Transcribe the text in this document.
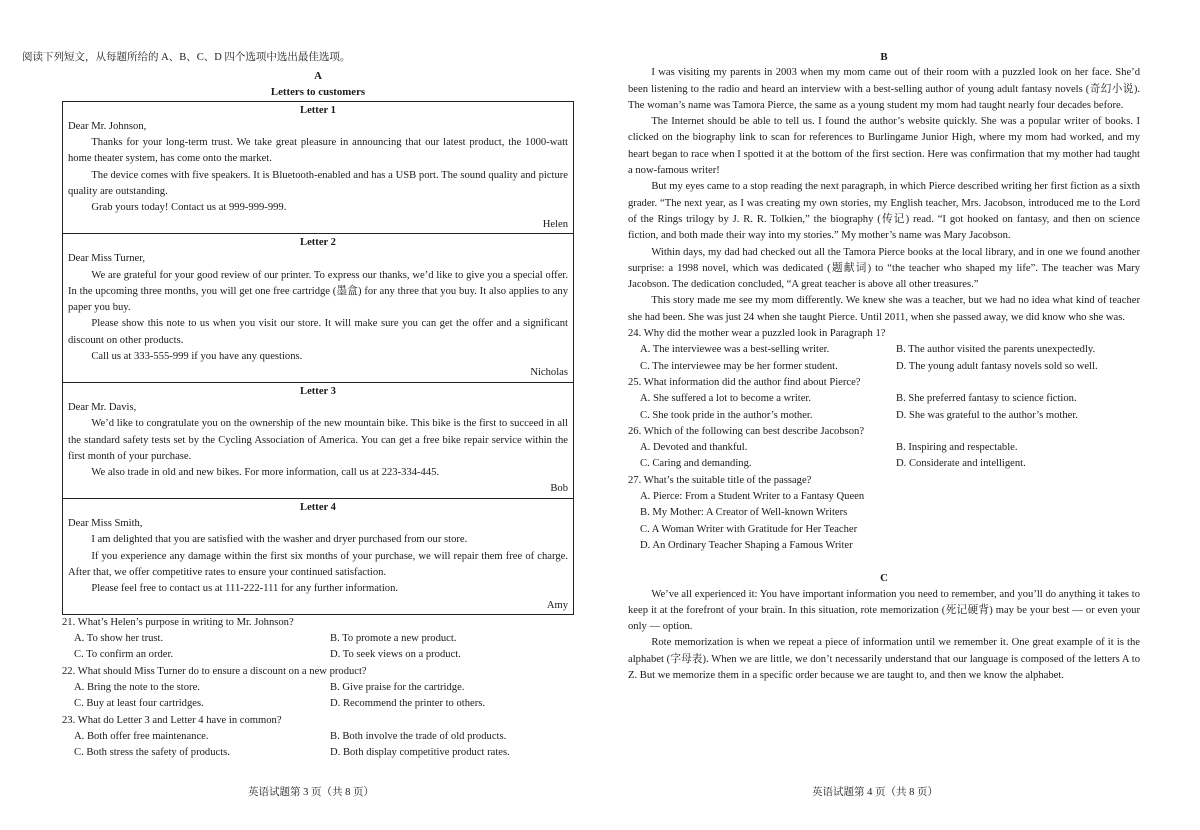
阅读下列短文，从每题所给的 A、B、C、D 四个选项中选出最佳选项。
A
Letters to customers
Letter 1

Dear Mr. Johnson,

Thanks for your long-term trust. We take great pleasure in announcing that our latest product, the 1000-watt home theater system, has come onto the market.

The device comes with five speakers. It is Bluetooth-enabled and has a USB port. The sound quality and picture quality are outstanding.

Grab yours today! Contact us at 999-999-999.

Helen

Letter 2

Dear Miss Turner,

We are grateful for your good review of our printer. To express our thanks, we’d like to give you a special offer. In the upcoming three months, you will get one free cartridge (墨盒) for any three that you buy. It also applies to any paper you buy.

Please show this note to us when you visit our store. It will make sure you can get the offer and a significant discount on other products.

Call us at 333-555-999 if you have any questions.

Nicholas

Letter 3

Dear Mr. Davis,

We’d like to congratulate you on the ownership of the new mountain bike. This bike is the first to succeed in all the standard safety tests set by the Cycling Association of America. You can get a free bike repair service within the first month of your purchase.

We also trade in old and new bikes. For more information, call us at 223-334-445.

Bob

Letter 4

Dear Miss Smith,

I am delighted that you are satisfied with the washer and dryer purchased from our store.

If you experience any damage within the first six months of your purchase, we will repair them free of charge. After that, we offer competitive rates to ensure your continued satisfaction.

Please feel free to contact us at 111-222-111 for any further information.

Amy

21. What’s Helen’s purpose in writing to Mr. Johnson?

A. To show her trust.	B. To promote a new product.
C. To confirm an order.	D. To seek views on a product.

22. What should Miss Turner do to ensure a discount on a new product?

A. Bring the note to the store.	B. Give praise for the cartridge.
C. Buy at least four cartridges.	D. Recommend the printer to others.

23. What do Letter 3 and Letter 4 have in common?

A. Both offer free maintenance.	B. Both involve the trade of old products.
C. Both stress the safety of products.	D. Both display competitive product rates.
B

I was visiting my parents in 2003 when my mom came out of their room with a puzzled look on her face. She’d been listening to the radio and heard an interview with a best-selling author of young adult fantasy novels (奇幻小说). The woman’s name was Tamora Pierce, the same as a young student my mom had taught nearly four decades before.

The Internet should be able to tell us. I found the author’s website quickly. She was a popular writer of books. I clicked on the biography link to scan for references to Burlingame Junior High, where my mom had worked, and my heart began to race when I spotted it at the bottom of the first section. Here was confirmation that my mother had taught a now-famous writer!

But my eyes came to a stop reading the next paragraph, in which Pierce described writing her first fiction as a sixth grader. “The next year, as I was creating my own stories, my English teacher, Mrs. Jacobson, introduced me to the Lord of the Rings trilogy by J. R. R. Tolkien,” the biography (传记) read. “I got hooked on fantasy, and then on science fiction, and both made their way into my stories.” My mother’s name was Mary Jacobson.

Within days, my dad had checked out all the Tamora Pierce books at the local library, and in one we found another surprise: a 1998 novel, which was dedicated (题献词) to “the teacher who shaped my life”. The teacher was Mary Jacobson. The dedication concluded, “A great teacher is above all other treasures.”

This story made me see my mom differently. We knew she was a teacher, but we had no idea what kind of teacher she had been. She was just 24 when she taught Pierce. Until 2011, when she passed away, we did know who she was.

24. Why did the mother wear a puzzled look in Paragraph 1?

A. The interviewee was a best-selling writer.	B. The author visited the parents unexpectedly.
C. The interviewee may be her former student.	D. The young adult fantasy novels sold so well.

25. What information did the author find about Pierce?

A. She suffered a lot to become a writer.	B. She preferred fantasy to science fiction.
C. She took pride in the author’s mother.	D. She was grateful to the author’s mother.

26. Which of the following can best describe Jacobson?

A. Devoted and thankful.	B. Inspiring and respectable.
C. Caring and demanding.	D. Considerate and intelligent.

27. What’s the suitable title of the passage?

A. Pierce: From a Student Writer to a Fantasy Queen
B. My Mother: A Creator of Well-known Writers
C. A Woman Writer with Gratitude for Her Teacher
D. An Ordinary Teacher Shaping a Famous Writer
C

We’ve all experienced it: You have important information you need to remember, and you’ll do anything it takes to keep it at the forefront of your brain. In this situation, rote memorization (死记硬背) may be your best — or even your only — option.

Rote memorization is when we repeat a piece of information until we remember it. One great example of it is the alphabet (字母表). When we are little, we don’t necessarily understand that our language is composed of the letters A to Z. But we memorize them in a specific order because we are taught to, and then we know the alphabet.

英语试题第 3 页（共 8 页）	英语试题第 4 页（共 8 页）
